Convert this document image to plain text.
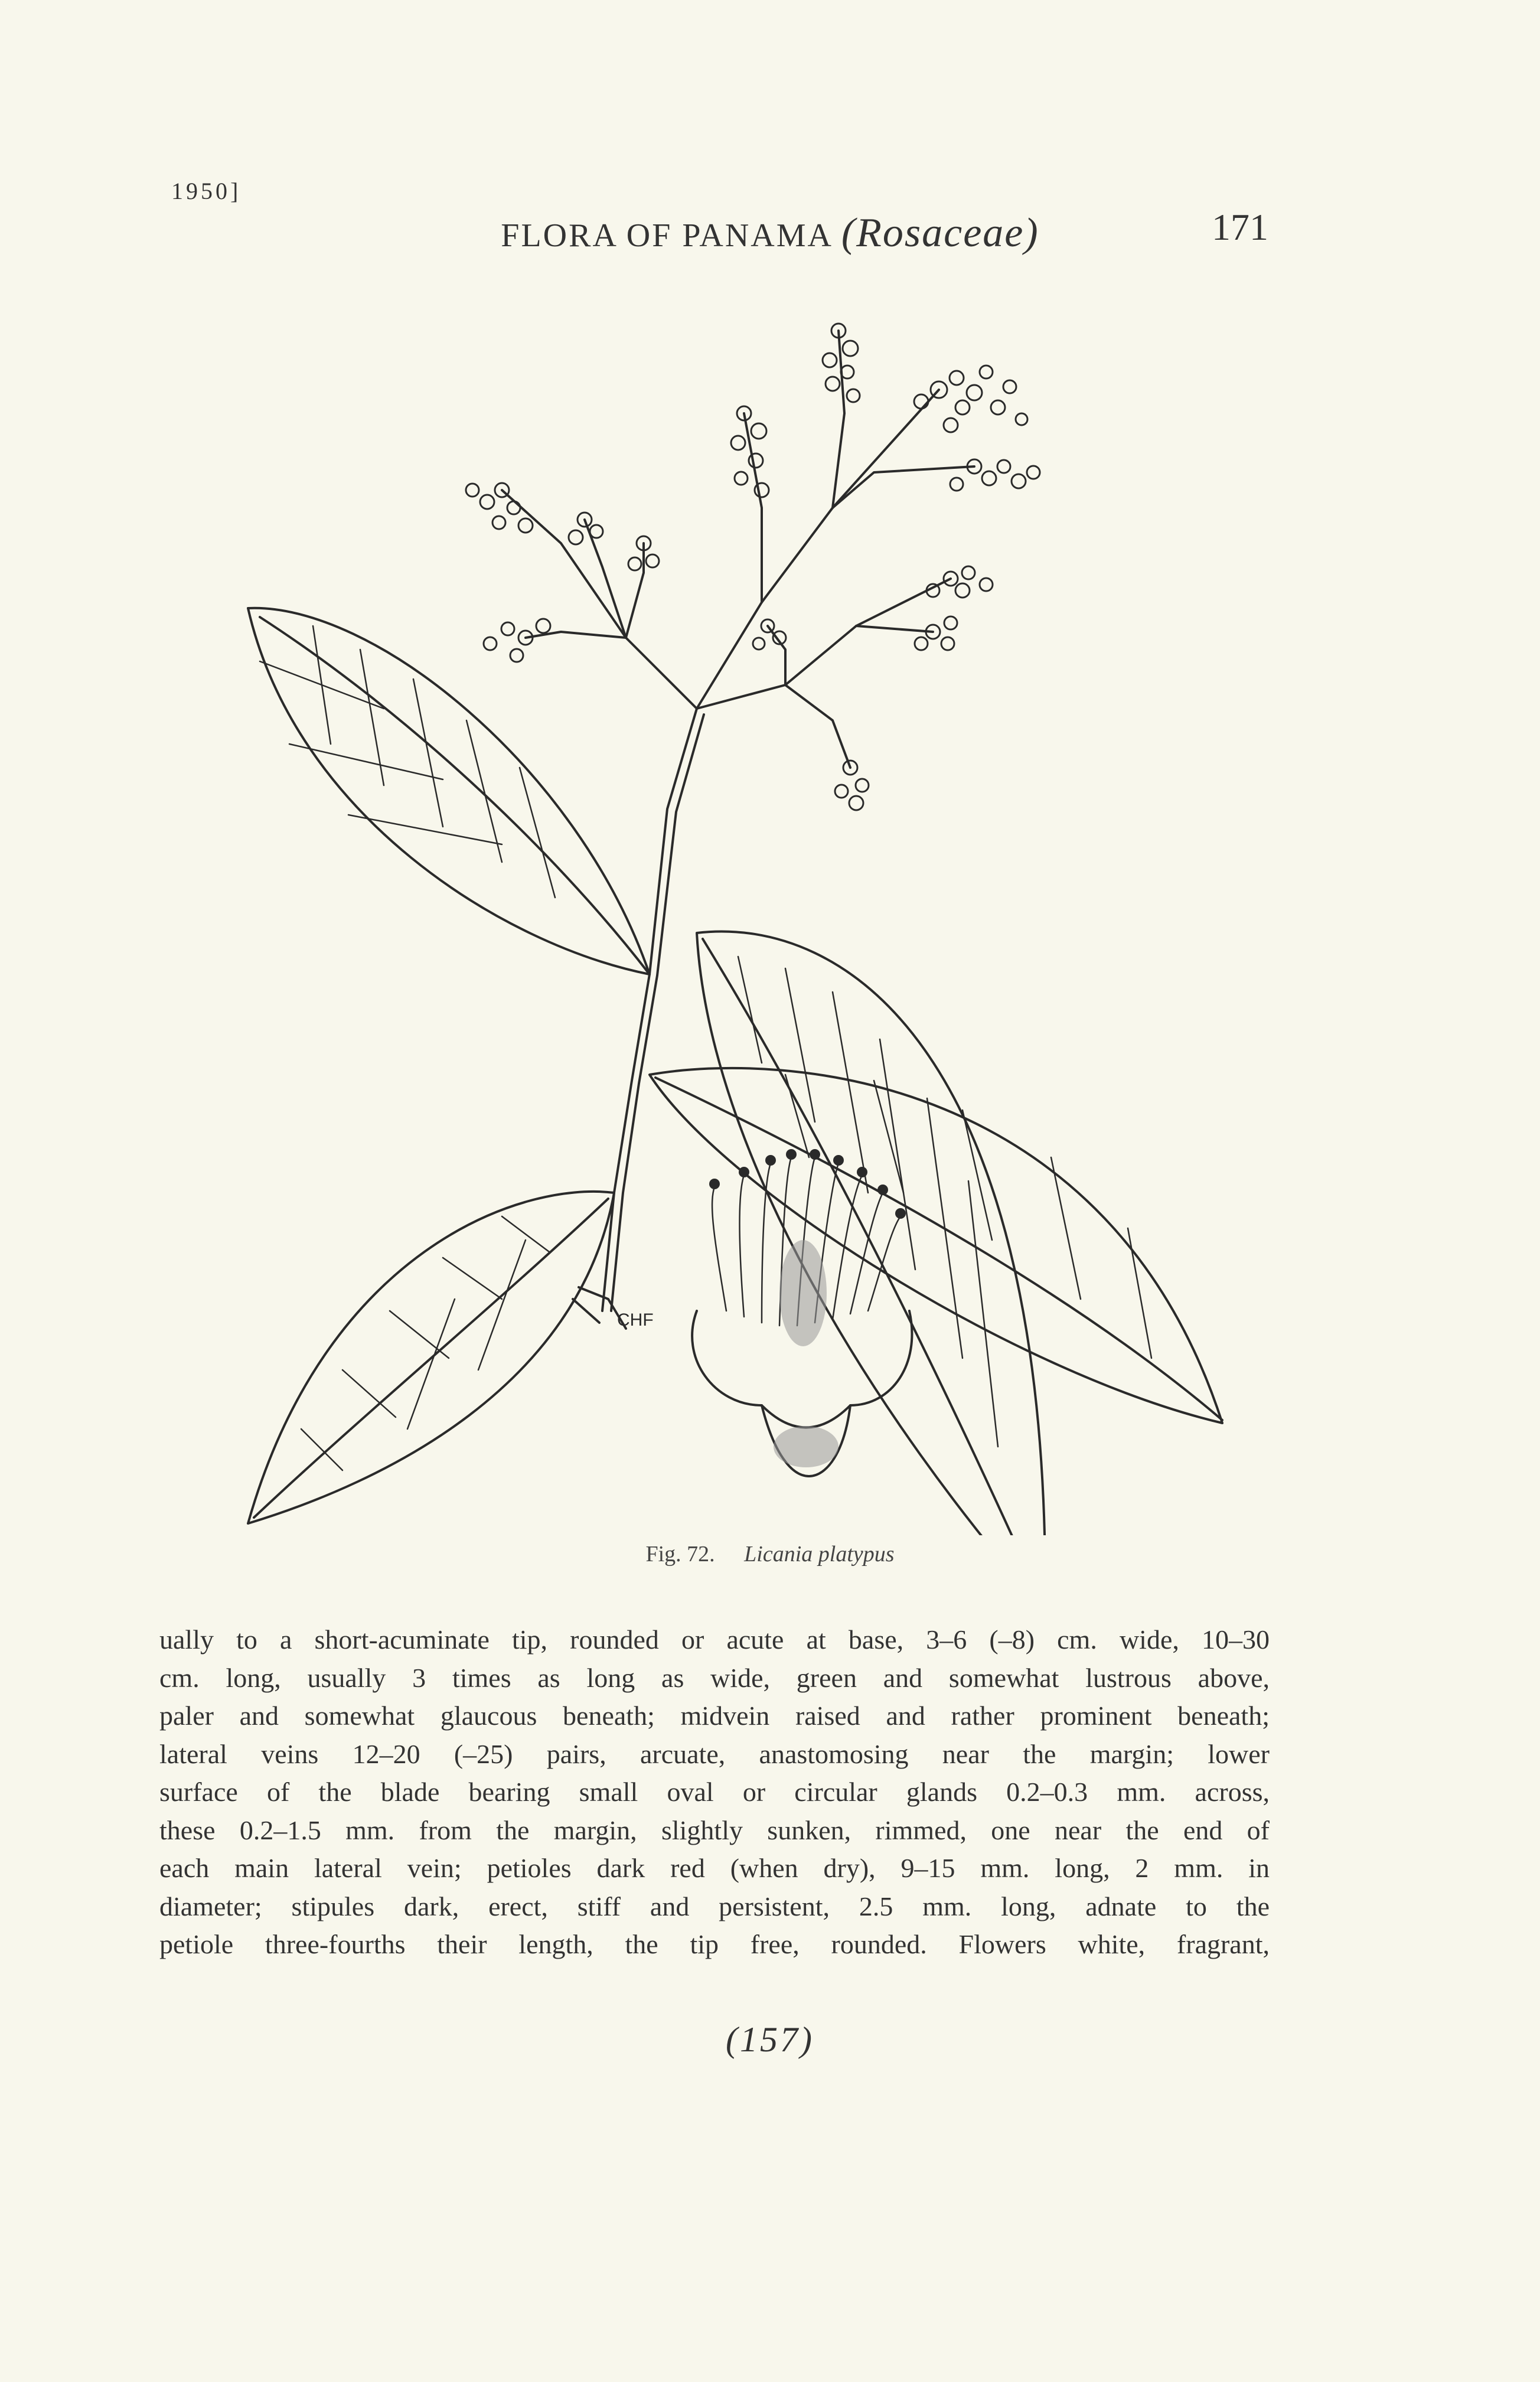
1950]
FLORA OF PANAMA (Rosaceae)	171
CHF
Fig. 72. Licania platypus
ually to a short-acuminate tip, rounded or acute at base, 3–6 (–8) cm. wide, 10–30
cm. long, usually 3 times as long as wide, green and somewhat lustrous above,
paler and somewhat glaucous beneath; midvein raised and rather prominent beneath;
lateral veins 12–20 (–25) pairs, arcuate, anastomosing near the margin; lower
surface of the blade bearing small oval or circular glands 0.2–0.3 mm. across,
these 0.2–1.5 mm. from the margin, slightly sunken, rimmed, one near the end of
each main lateral vein; petioles dark red (when dry), 9–15 mm. long, 2 mm. in
diameter; stipules dark, erect, stiff and persistent, 2.5 mm. long, adnate to the
petiole three-fourths their length, the tip free, rounded. Flowers white, fragrant,
(157)
